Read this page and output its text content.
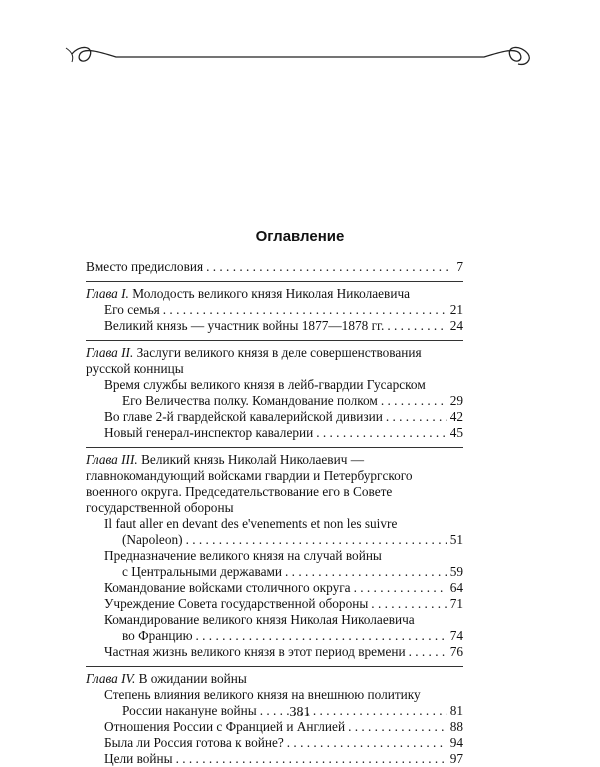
Оглавление
Вместо предисловия . . .	7
Глава I. Молодость великого князя Николая Николаевича
Его семья . . .	21
Великий князь — участник войны 1877—1878 гг. . . .	24
Глава II. Заслуги великого князя в деле совершенствования
русской конницы
Время службы великого князя в лейб-гвардии Гусарском
Его Величества полку. Командование полком . . .	29
Во главе 2-й гвардейской кавалерийской дивизии . . .	42
Новый генерал-инспектор кавалерии . . .	45
Глава III. Великий князь Николай Николаевич —
главнокомандующий войсками гвардии и Петербургского
военного округа. Председательствование его в Совете
государственной обороны
Il faut aller en devant des e'venements et non les suivre
(Napoleon) . . .	51
Предназначение великого князя на случай войны
с Центральными державами . . .	59
Командование войсками столичного округа . . .	64
Учреждение Совета государственной обороны . . .	71
Командирование великого князя Николая Николаевича
во Францию . . .	74
Частная жизнь великого князя в этот период времени . . .	76
Глава IV. В ожидании войны
Степень влияния великого князя на внешнюю политику
России накануне войны . . .	81
Отношения России с Францией и Англией . . .	88
Была ли Россия готова к войне? . . .	94
Цели войны . . .	97
381
